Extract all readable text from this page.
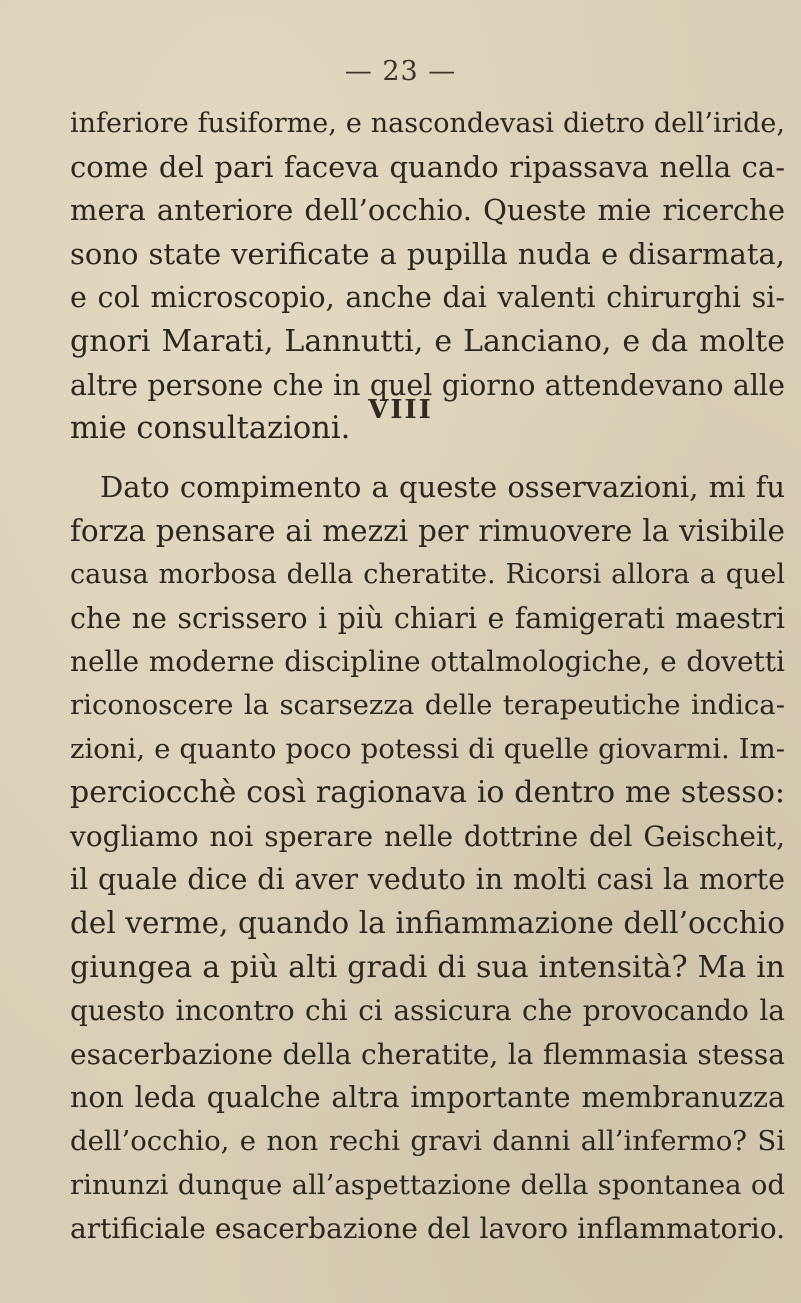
— 23 —
inferiore fusiforme, e nascondevasi dietro dell’iride,
come del pari faceva quando ripassava nella ca-
mera anteriore dell’occhio. Queste mie ricerche
sono state verificate a pupilla nuda e disarmata,
e col microscopio, anche dai valenti chirurghi si-
gnori Marati, Lannutti, e Lanciano, e da molte
altre persone che in quel giorno attendevano alle
mie consultazioni.
VIII
Dato compimento a queste osservazioni, mi fu
forza pensare ai mezzi per rimuovere la visibile
causa morbosa della cheratite. Ricorsi allora a quel
che ne scrissero i più chiari e famigerati maestri
nelle moderne discipline ottalmologiche, e dovetti
riconoscere la scarsezza delle terapeutiche indica-
zioni, e quanto poco potessi di quelle giovarmi. Im-
perciocchè così ragionava io dentro me stesso:
vogliamo noi sperare nelle dottrine del Geischeit,
il quale dice di aver veduto in molti casi la morte
del verme, quando la infiammazione dell’occhio
giungea a più alti gradi di sua intensità? Ma in
questo incontro chi ci assicura che provocando la
esacerbazione della cheratite, la flemmasia stessa
non leda qualche altra importante membranuzza
dell’occhio, e non rechi gravi danni all’infermo? Si
rinunzi dunque all’aspettazione della spontanea od
artificiale esacerbazione del lavoro inflammatorio.
